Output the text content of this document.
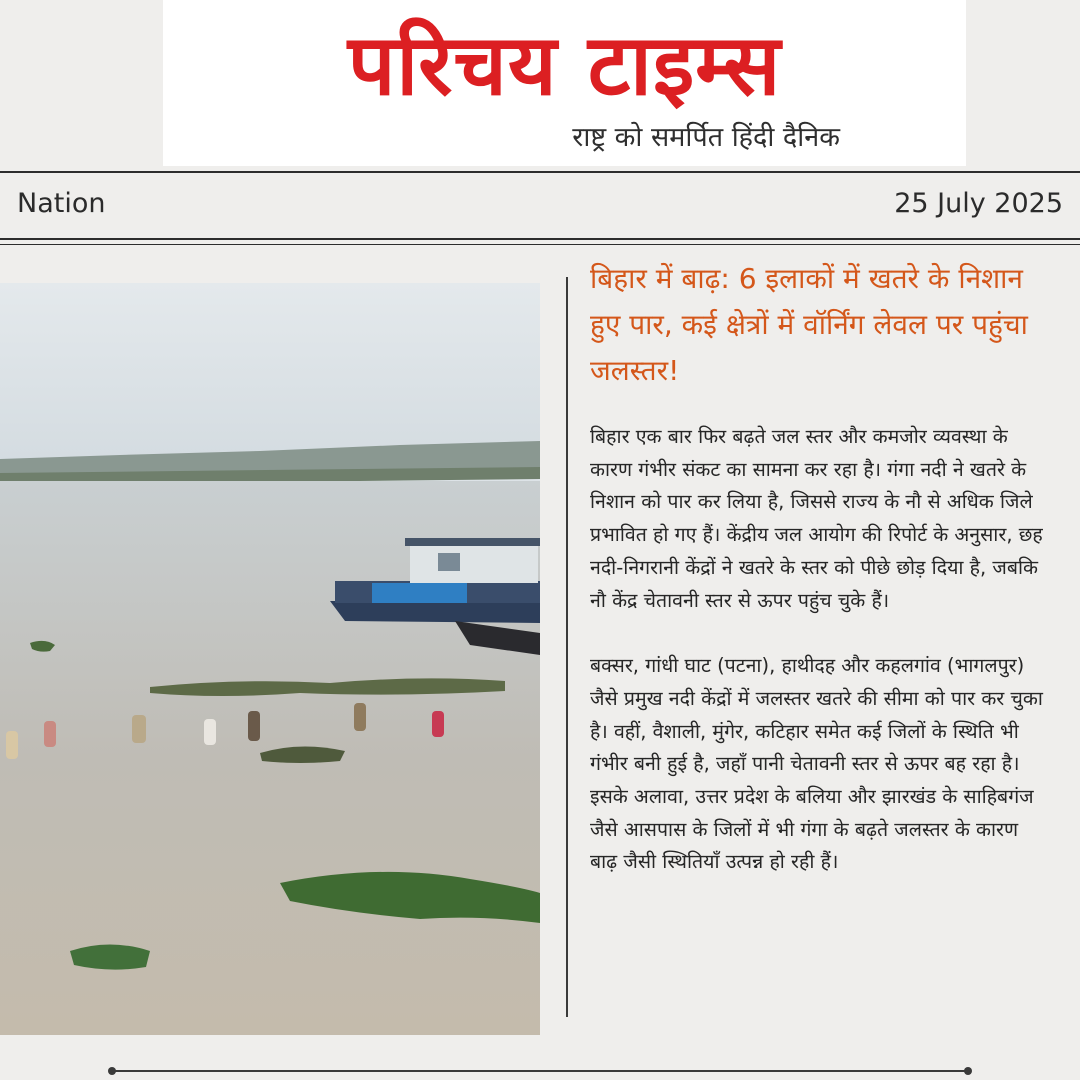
परिचय टाइम्स
राष्ट्र को समर्पित हिंदी दैनिक
Nation	25 July 2025
बिहार में बाढ़: 6 इलाकों में खतरे के निशान हुए पार, कई क्षेत्रों में वॉर्निंग लेवल पर पहुंचा जलस्तर!

बिहार एक बार फिर बढ़ते जल स्तर और कमजोर व्यवस्था के कारण गंभीर संकट का सामना कर रहा है। गंगा नदी ने खतरे के निशान को पार कर लिया है, जिससे राज्य के नौ से अधिक जिले प्रभावित हो गए हैं। केंद्रीय जल आयोग की रिपोर्ट के अनुसार, छह नदी-निगरानी केंद्रों ने खतरे के स्तर को पीछे छोड़ दिया है, जबकि नौ केंद्र चेतावनी स्तर से ऊपर पहुंच चुके हैं।

बक्सर, गांधी घाट (पटना), हाथीदह और कहलगांव (भागलपुर) जैसे प्रमुख नदी केंद्रों में जलस्तर खतरे की सीमा को पार कर चुका है। वहीं, वैशाली, मुंगेर, कटिहार समेत कई जिलों के स्थिति भी गंभीर बनी हुई है, जहाँ पानी चेतावनी स्तर से ऊपर बह रहा है। इसके अलावा, उत्तर प्रदेश के बलिया और झारखंड के साहिबगंज जैसे आसपास के जिलों में भी गंगा के बढ़ते जलस्तर के कारण बाढ़ जैसी स्थितियाँ उत्पन्न हो रही हैं।
